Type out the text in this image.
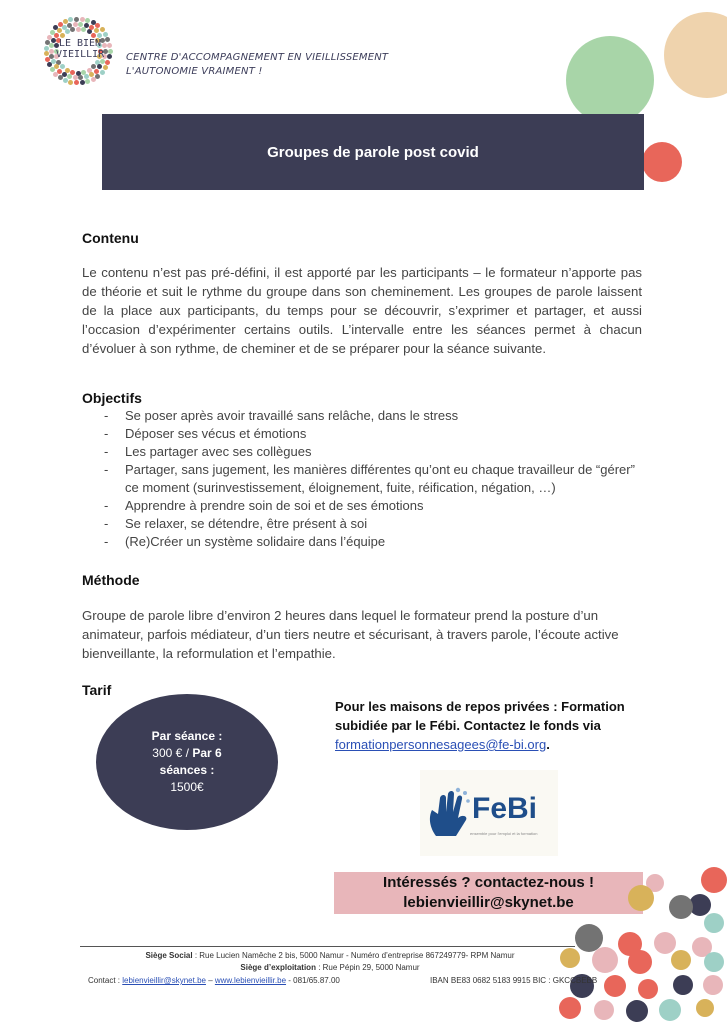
LE BIEN
VIEILLIR CENTRE D'ACCOMPAGNEMENT EN VIEILLISSEMENT
L'AUTONOMIE VRAIMENT !
Groupes de parole post covid
Contenu
Le contenu n’est pas pré-défini, il est apporté par les participants – le formateur n’apporte pas de théorie et suit le rythme du groupe dans son cheminement. Les groupes de parole laissent de la place aux participants, du temps pour se découvrir, s’exprimer et partager, et aussi l’occasion d’expérimenter certains outils. L’intervalle entre les séances permet à chacun d’évoluer à son rythme, de cheminer et de se préparer pour la séance suivante.
Objectifs
- Se poser après avoir travaillé sans relâche, dans le stress
- Déposer ses vécus et émotions
- Les partager avec ses collègues
- Partager, sans jugement, les manières différentes qu’ont eu chaque travailleur de “gérer” ce moment (surinvestissement, éloignement, fuite, réification, négation, …)
- Apprendre à prendre soin de soi et de ses émotions
- Se relaxer, se détendre, être présent à soi
- (Re)Créer un système solidaire dans l’équipe
Méthode
Groupe de parole libre d’environ 2 heures dans lequel le formateur prend la posture d’un animateur, parfois médiateur, d’un tiers neutre et sécurisant, à travers parole, l’écoute active bienveillante, la reformulation et l’empathie.
Tarif
Par séance :
300 € / Par 6
séances :
1500€
Pour les maisons de repos privées : Formation subidiée par le Fébi. Contactez le fonds via formationpersonnesagees@fe-bi.org.
FeBi
ensemble pour l'emploi et la formation
Intéressés ? contactez-nous !
lebienvieillir@skynet.be
Siège Social : Rue Lucien Namêche 2 bis, 5000 Namur - Numéro d’entreprise 867249779- RPM Namur
Siège d’exploitation : Rue Pépin 29, 5000 Namur
Contact : lebienvieillir@skynet.be – www.lebienvieillir.be - 081/65.87.00	IBAN BE83 0682 5183 9915 BIC : GKCCBEBB
